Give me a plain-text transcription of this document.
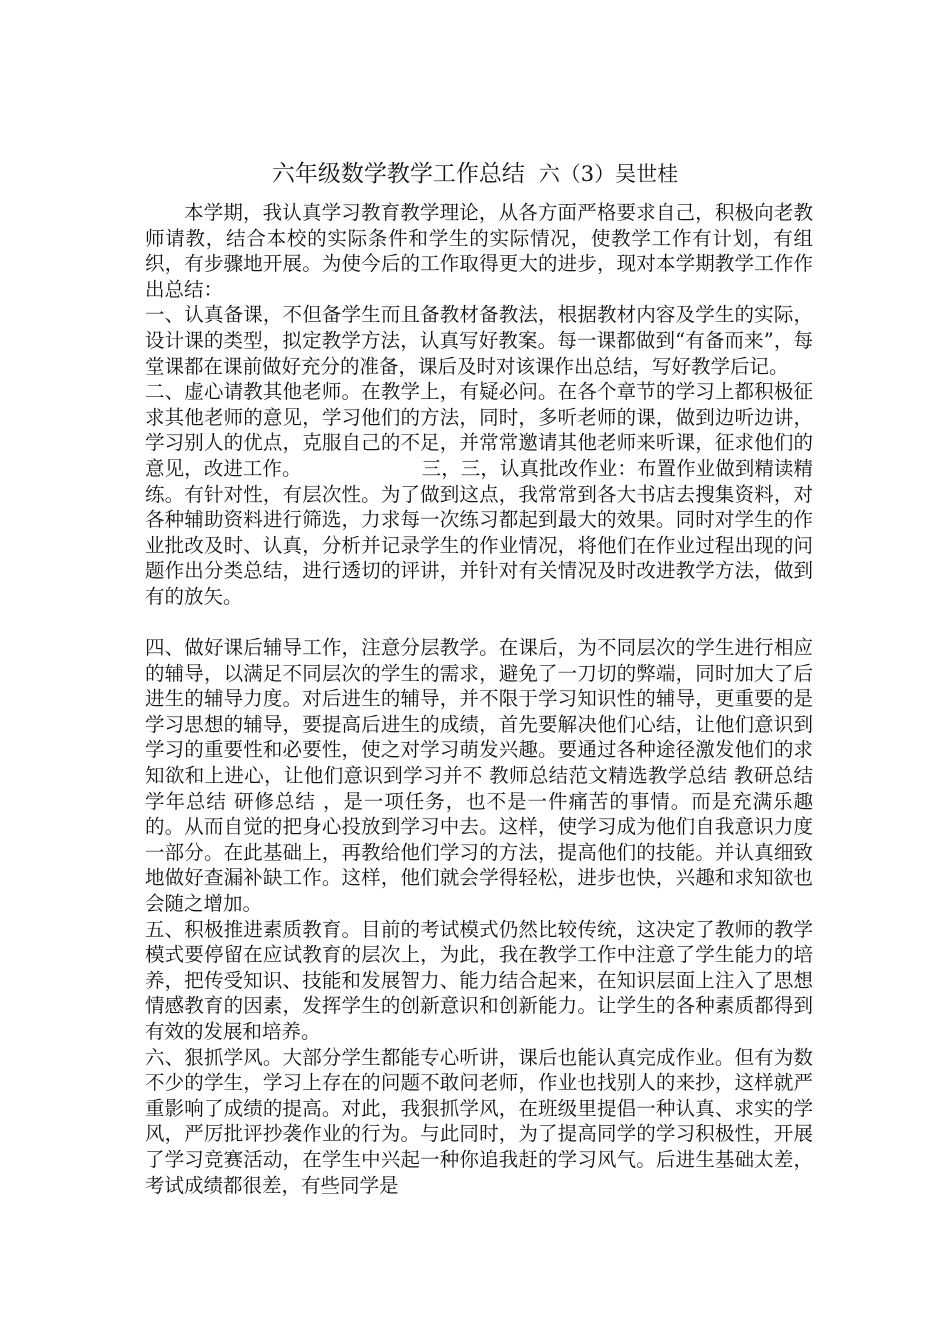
六年级数学教学工作总结 六（3）吴世桂

本学期，我认真学习教育教学理论，从各方面严格要求自己，积极向老教师请教，结合本校的实际条件和学生的实际情况，使教学工作有计划，有组织，有步骤地开展。为使今后的工作取得更大的进步，现对本学期教学工作作出总结：

一、认真备课，不但备学生而且备教材备教法，根据教材内容及学生的实际，设计课的类型，拟定教学方法，认真写好教案。每一课都做到“有备而来”，每堂课都在课前做好充分的准备，课后及时对该课作出总结，写好教学后记。

二、虚心请教其他老师。在教学上，有疑必问。在各个章节的学习上都积极征求其他老师的意见，学习他们的方法，同时，多听老师的课，做到边听边讲，学习别人的优点，克服自己的不足，并常常邀请其他老师来听课，征求他们的意见，改进工作。	三，三，认真批改作业：布置作业做到精读精练。有针对性，有层次性。为了做到这点，我常常到各大书店去搜集资料，对各种辅助资料进行筛选，力求每一次练习都起到最大的效果。同时对学生的作业批改及时、认真，分析并记录学生的作业情况，将他们在作业过程出现的问题作出分类总结，进行透切的评讲，并针对有关情况及时改进教学方法，做到有的放矢。

四、做好课后辅导工作，注意分层教学。在课后，为不同层次的学生进行相应的辅导，以满足不同层次的学生的需求，避免了一刀切的弊端，同时加大了后进生的辅导力度。对后进生的辅导，并不限于学习知识性的辅导，更重要的是学习思想的辅导，要提高后进生的成绩，首先要解决他们心结，让他们意识到学习的重要性和必要性，使之对学习萌发兴趣。要通过各种途径激发他们的求知欲和上进心，让他们意识到学习并不 教师总结范文精选教学总结 教研总结 学年总结 研修总结 ，是一项任务，也不是一件痛苦的事情。而是充满乐趣的。从而自觉的把身心投放到学习中去。这样，使学习成为他们自我意识力度一部分。在此基础上，再教给他们学习的方法，提高他们的技能。并认真细致地做好查漏补缺工作。这样，他们就会学得轻松，进步也快，兴趣和求知欲也会随之增加。

五、积极推进素质教育。目前的考试模式仍然比较传统，这决定了教师的教学模式要停留在应试教育的层次上，为此，我在教学工作中注意了学生能力的培养，把传受知识、技能和发展智力、能力结合起来，在知识层面上注入了思想情感教育的因素，发挥学生的创新意识和创新能力。让学生的各种素质都得到有效的发展和培养。

六、狠抓学风。大部分学生都能专心听讲，课后也能认真完成作业。但有为数不少的学生，学习上存在的问题不敢问老师，作业也找别人的来抄，这样就严重影响了成绩的提高。对此，我狠抓学风，在班级里提倡一种认真、求实的学风，严厉批评抄袭作业的行为。与此同时，为了提高同学的学习积极性，开展了学习竞赛活动，在学生中兴起一种你追我赶的学习风气。后进生基础太差，考试成绩都很差，有些同学是
